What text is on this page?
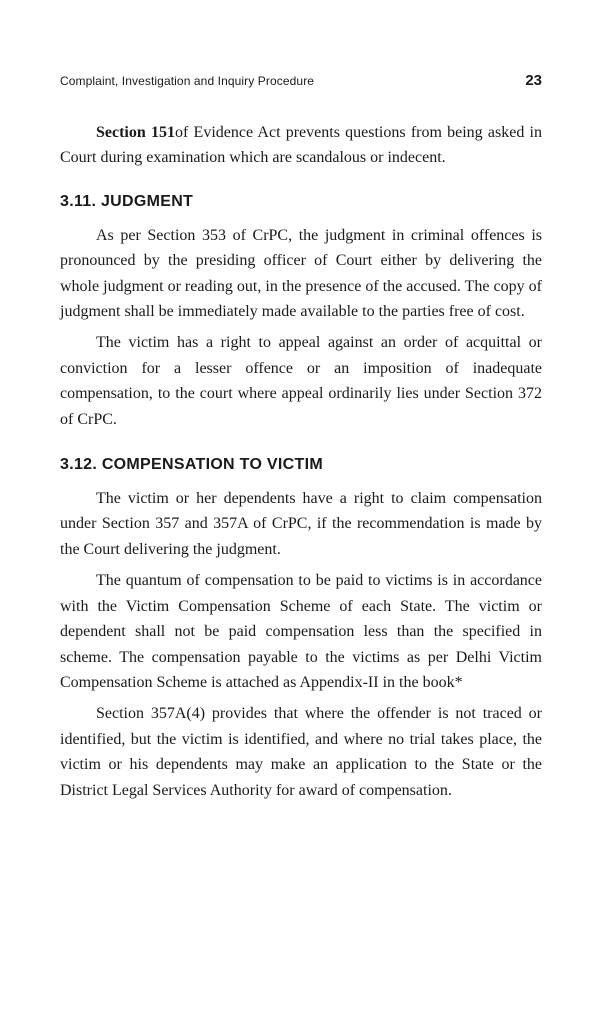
Complaint, Investigation and Inquiry Procedure	23

Section 151of Evidence Act prevents questions from being asked in Court during examination which are scandalous or indecent.

3.11. JUDGMENT

As per Section 353 of CrPC, the judgment in criminal offences is pronounced by the presiding officer of Court either by delivering the whole judgment or reading out, in the presence of the accused. The copy of judgment shall be immediately made available to the parties free of cost.

The victim has a right to appeal against an order of acquittal or conviction for a lesser offence or an imposition of inadequate compensation, to the court where appeal ordinarily lies under Section 372 of CrPC.

3.12. COMPENSATION TO VICTIM

The victim or her dependents have a right to claim compensation under Section 357 and 357A of CrPC, if the recommendation is made by the Court delivering the judgment.

The quantum of compensation to be paid to victims is in accordance with the Victim Compensation Scheme of each State. The victim or dependent shall not be paid compensation less than the specified in scheme. The compensation payable to the victims as per Delhi Victim Compensation Scheme is attached as Appendix-II in the book*

Section 357A(4) provides that where the offender is not traced or identified, but the victim is identified, and where no trial takes place, the victim or his dependents may make an application to the State or the District Legal Services Authority for award of compensation.
